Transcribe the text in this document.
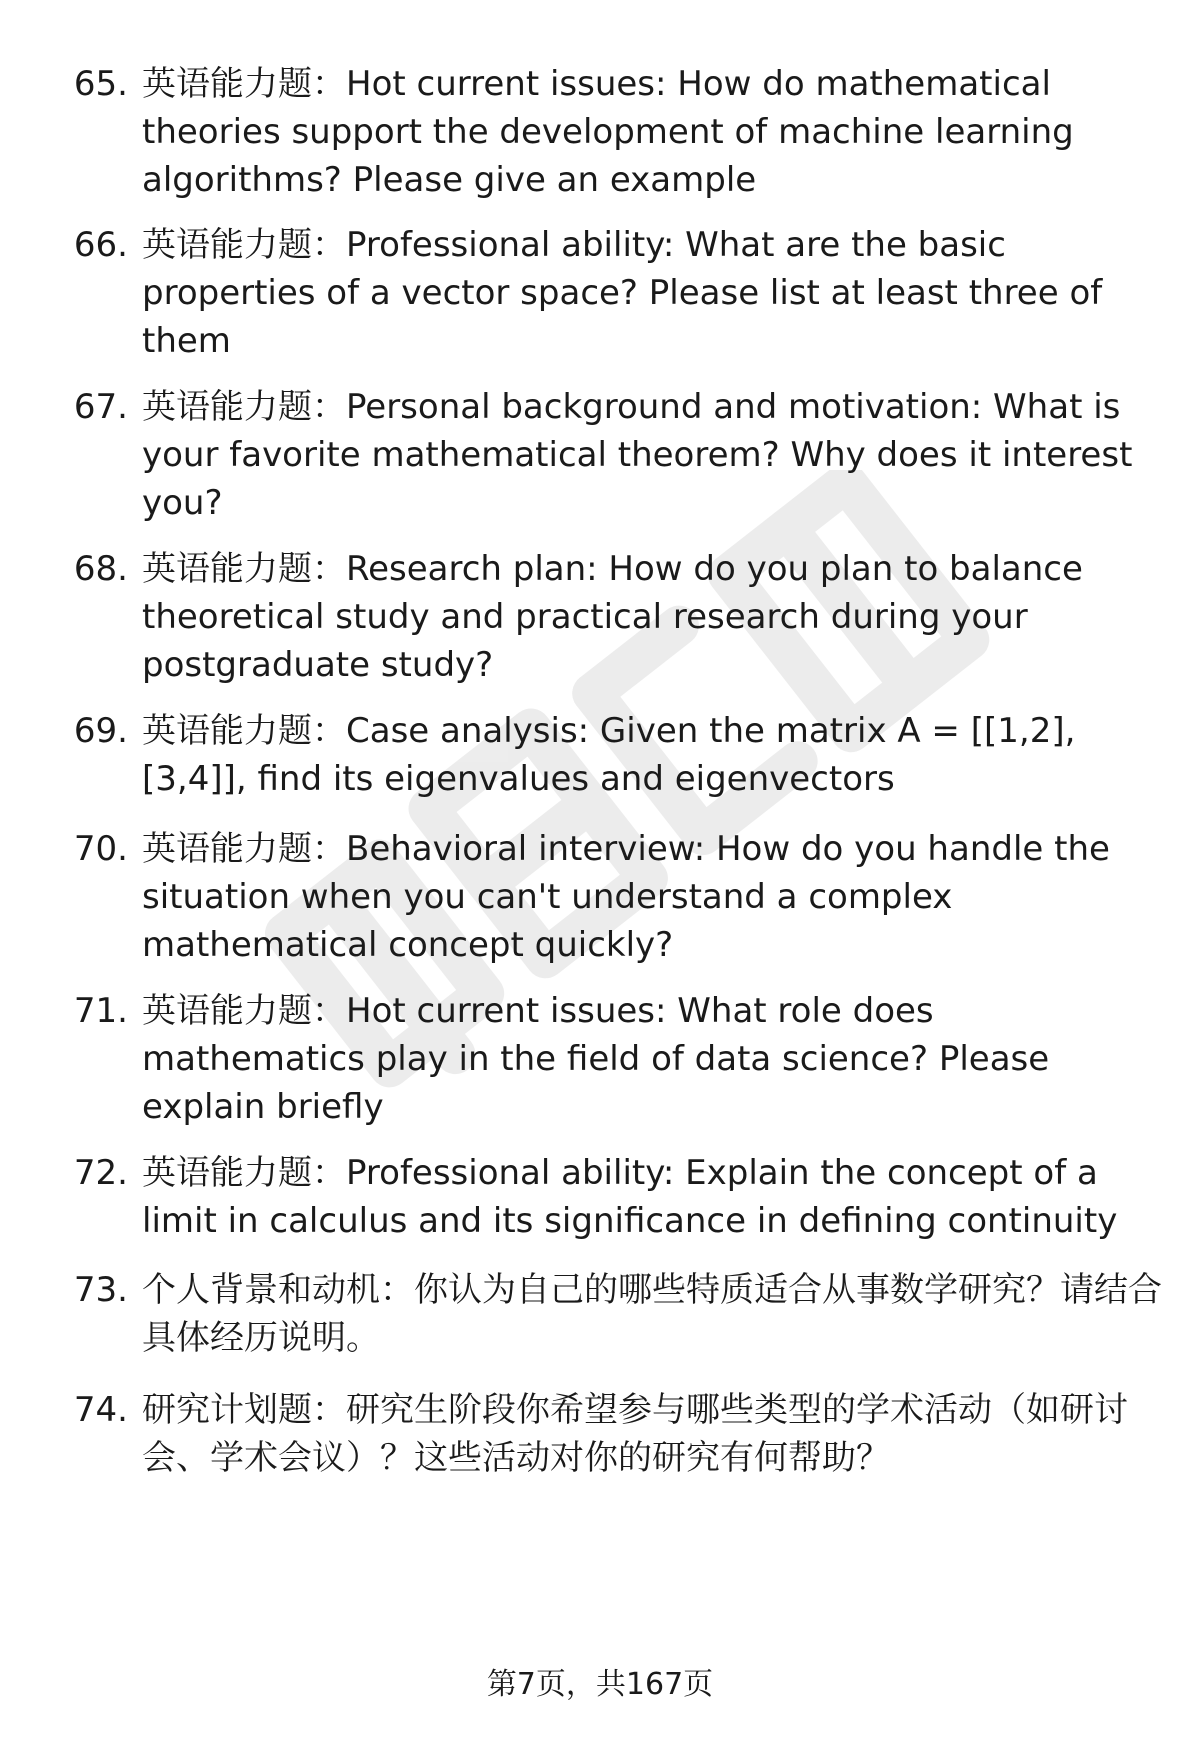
65. 英语能力题：Hot current issues: How do mathematical theories support the development of machine learning algorithms? Please give an example
66. 英语能力题：Professional ability: What are the basic properties of a vector space? Please list at least three of them
67. 英语能力题：Personal background and motivation: What is your favorite mathematical theorem? Why does it interest you?
68. 英语能力题：Research plan: How do you plan to balance theoretical study and practical research during your postgraduate study?
69. 英语能力题：Case analysis: Given the matrix A = [[1,2],[3,4]], find its eigenvalues and eigenvectors
70. 英语能力题：Behavioral interview: How do you handle the situation when you can't understand a complex mathematical concept quickly?
71. 英语能力题：Hot current issues: What role does mathematics play in the field of data science? Please explain briefly
72. 英语能力题：Professional ability: Explain the concept of a limit in calculus and its significance in defining continuity
73. 个人背景和动机：你认为自己的哪些特质适合从事数学研究？请结合具体经历说明。
74. 研究计划题：研究生阶段你希望参与哪些类型的学术活动（如研讨会、学术会议）？这些活动对你的研究有何帮助？
第7页，共167页
